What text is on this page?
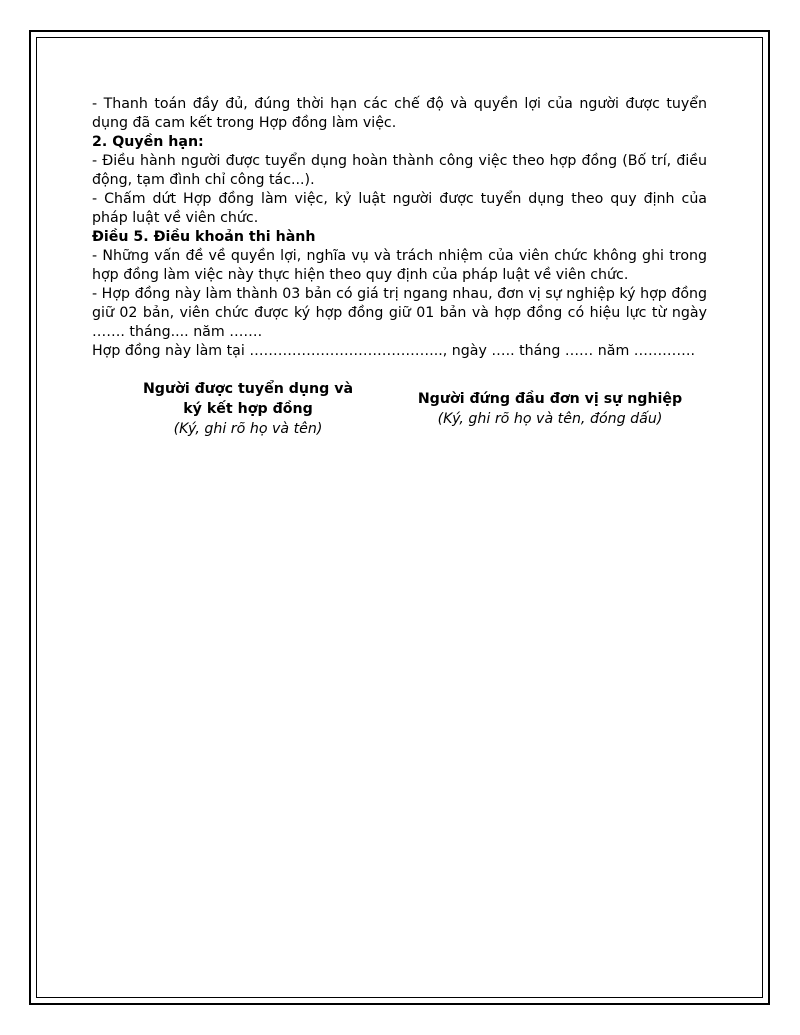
- Thanh toán đầy đủ, đúng thời hạn các chế độ và quyền lợi của người được tuyển dụng đã cam kết trong Hợp đồng làm việc.

2. Quyền hạn:

- Điều hành người được tuyển dụng hoàn thành công việc theo hợp đồng (Bố trí, điều động, tạm đình chỉ công tác...).

- Chấm dứt Hợp đồng làm việc, kỷ luật người được tuyển dụng theo quy định của pháp luật về viên chức.

Điều 5. Điều khoản thi hành

- Những vấn đề về quyền lợi, nghĩa vụ và trách nhiệm của viên chức không ghi trong hợp đồng làm việc này thực hiện theo quy định của pháp luật về viên chức.

- Hợp đồng này làm thành 03 bản có giá trị ngang nhau, đơn vị sự nghiệp ký hợp đồng giữ 02 bản, viên chức được ký hợp đồng giữ 01 bản và hợp đồng có hiệu lực từ ngày ……. tháng.... năm …….

Hợp đồng này làm tại ………………………………….., ngày ….. tháng …… năm ………….

Người được tuyển dụng và
ký kết hợp đồng
(Ký, ghi rõ họ và tên)
Người đứng đầu đơn vị sự nghiệp
(Ký, ghi rõ họ và tên, đóng dấu)
